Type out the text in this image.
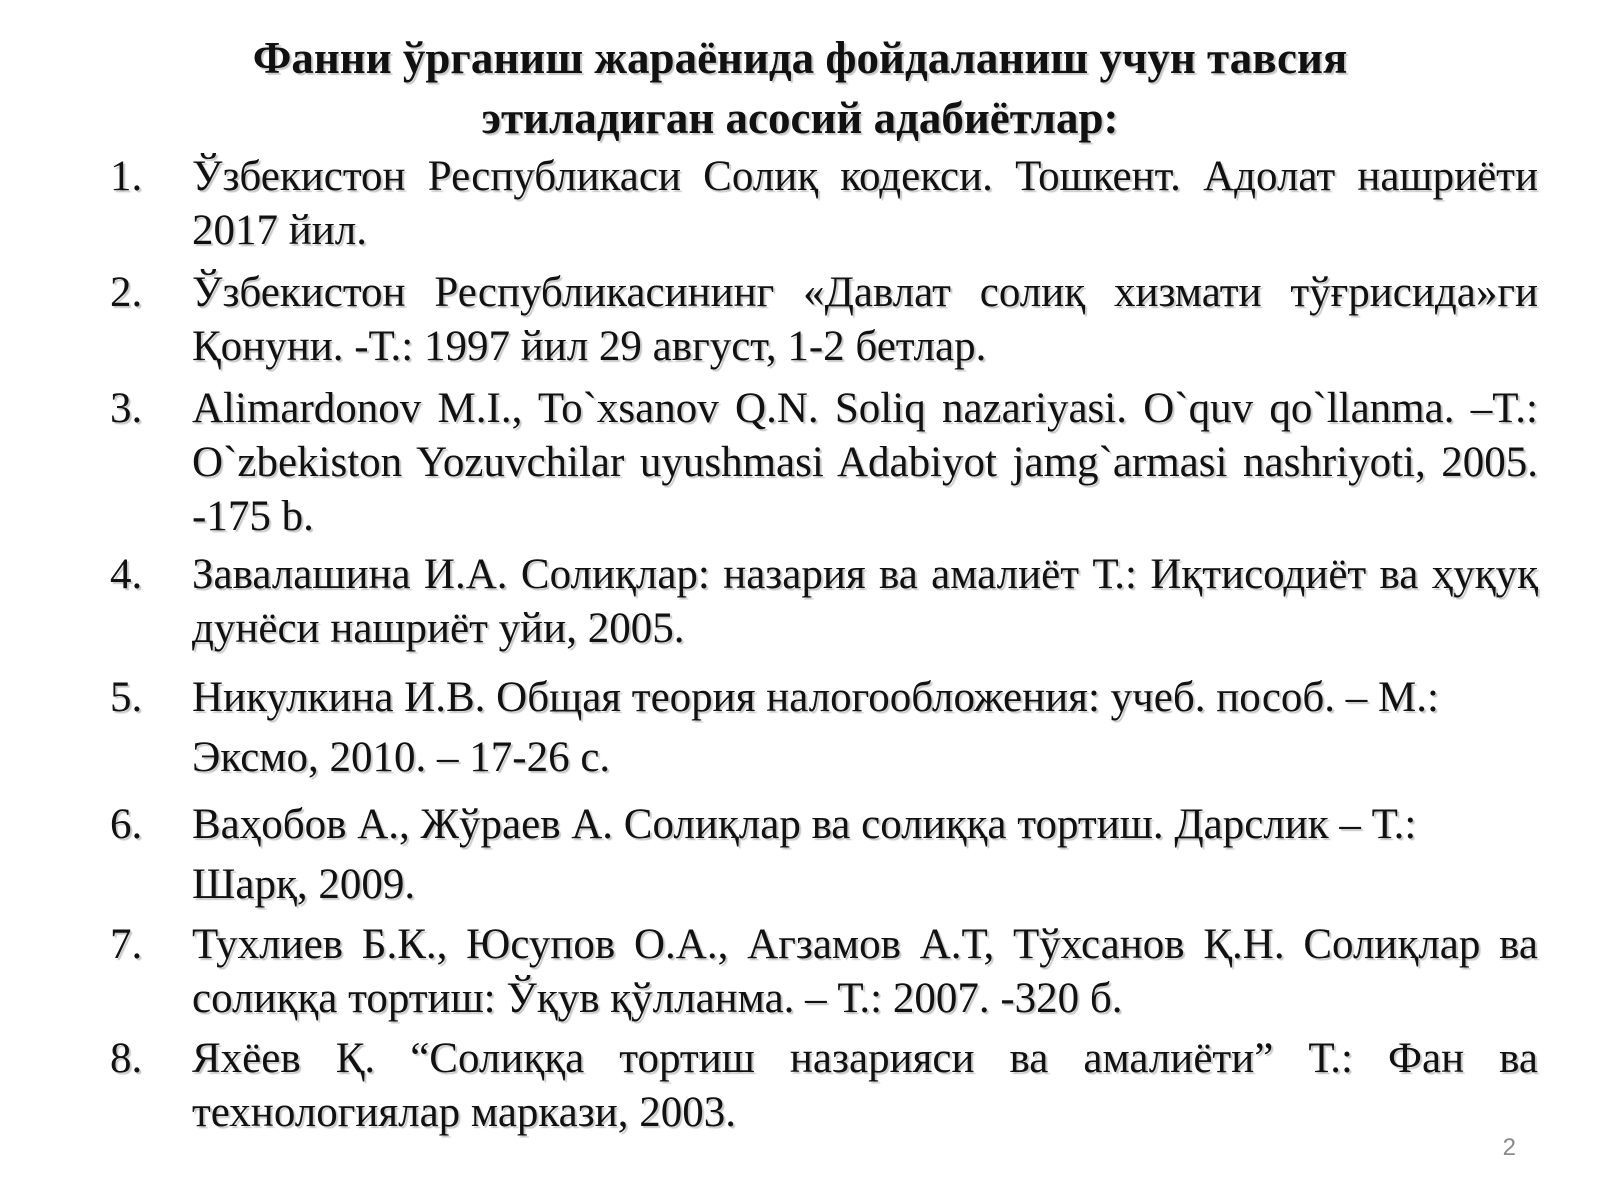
Фанни ўрганиш жараёнида фойдаланиш учун тавсия
этиладиган асосий адабиётлар:
1.	Ўзбекистон Республикаси Солиқ кодекси. Тошкент. Адолат нашриёти 2017 йил.
2.	Ўзбекистон Республикасининг «Давлат солиқ хизмати тўғрисида»ги Қонуни. -Т.: 1997 йил 29 август, 1-2 бетлар.
3.	Alimardonov M.I., To`xsanov Q.N. Soliq nazariyasi. O`quv qo`llanma. –T.: O`zbekiston Yozuvchilar uyushmasi Adabiyot jamg`armasi nashriyoti, 2005. -175 b.
4.	Завалашина И.А. Солиқлар: назария ва амалиёт Т.: Иқтисодиёт ва ҳуқуқ дунёси нашриёт уйи, 2005.
5.	Никулкина И.В. Общая теория налогообложения: учеб. пособ. – М.: Эксмо, 2010. – 17-26 с.
6.	Ваҳобов А., Жўраев А. Солиқлар ва солиққа тортиш. Дарслик – Т.: Шарқ, 2009.
7.	Тухлиев Б.К., Юсупов О.А., Агзамов А.Т, Тўхсанов Қ.Н. Солиқлар ва солиққа тортиш: Ўқув қўлланма. – Т.: 2007. -320 б.
8.	Яхёев Қ. “Солиққа тортиш назарияси ва амалиёти” Т.: Фан ва технологиялар маркази, 2003.
2
